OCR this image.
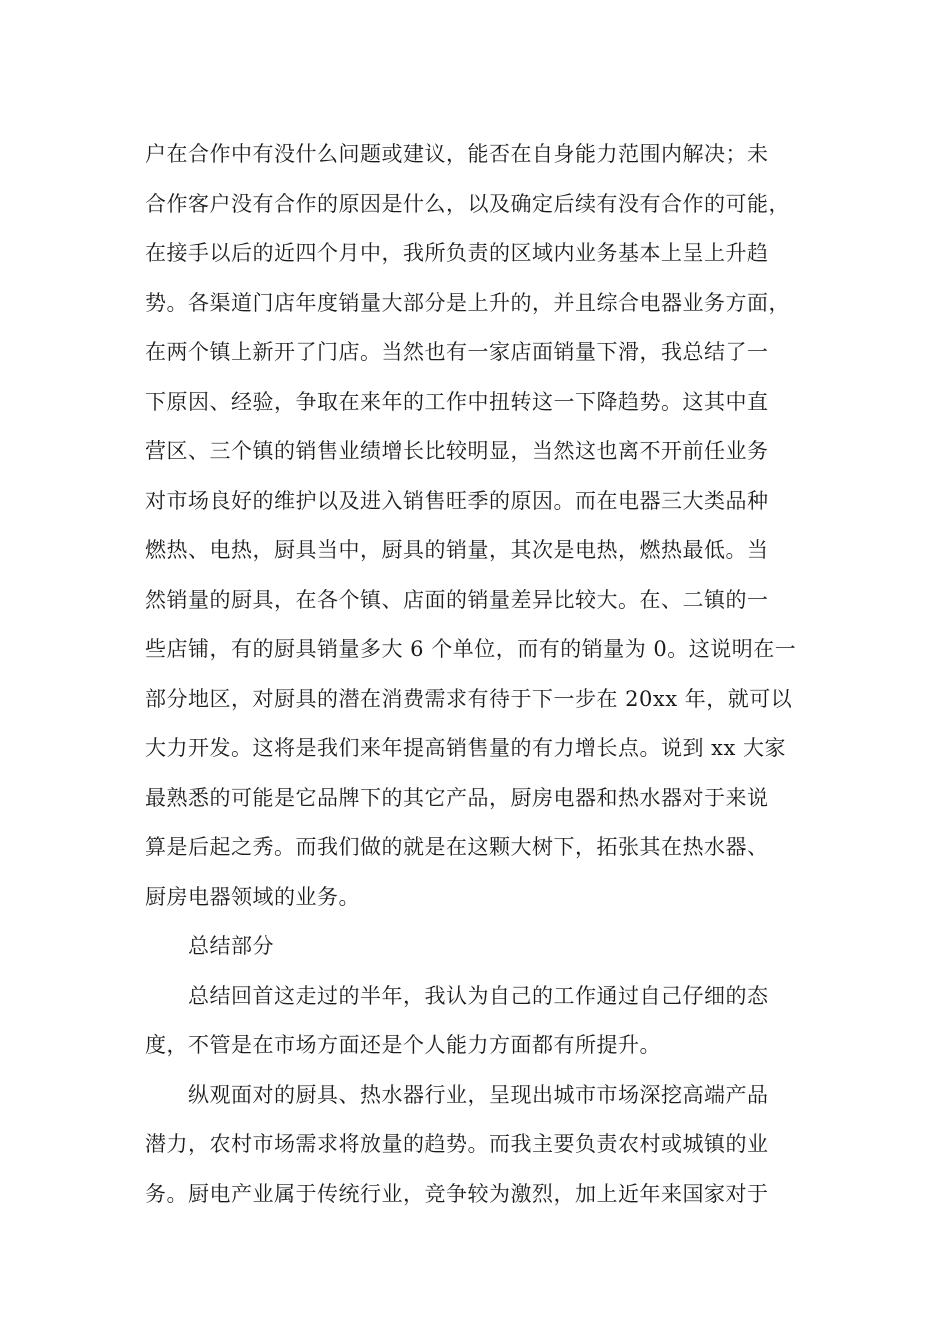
户在合作中有没什么问题或建议，能否在自身能力范围内解决；未
合作客户没有合作的原因是什么，以及确定后续有没有合作的可能，
在接手以后的近四个月中，我所负责的区域内业务基本上呈上升趋
势。各渠道门店年度销量大部分是上升的，并且综合电器业务方面，
在两个镇上新开了门店。当然也有一家店面销量下滑，我总结了一
下原因、经验，争取在来年的工作中扭转这一下降趋势。这其中直
营区、三个镇的销售业绩增长比较明显，当然这也离不开前任业务
对市场良好的维护以及进入销售旺季的原因。而在电器三大类品种
燃热、电热，厨具当中，厨具的销量，其次是电热，燃热最低。当
然销量的厨具，在各个镇、店面的销量差异比较大。在、二镇的一
些店铺，有的厨具销量多大 6 个单位，而有的销量为 0。这说明在一
部分地区，对厨具的潜在消费需求有待于下一步在 20xx 年，就可以
大力开发。这将是我们来年提高销售量的有力增长点。说到 xx 大家
最熟悉的可能是它品牌下的其它产品，厨房电器和热水器对于来说
算是后起之秀。而我们做的就是在这颗大树下，拓张其在热水器、
厨房电器领域的业务。
总结部分
总结回首这走过的半年，我认为自己的工作通过自己仔细的态
度，不管是在市场方面还是个人能力方面都有所提升。
纵观面对的厨具、热水器行业，呈现出城市市场深挖高端产品
潜力，农村市场需求将放量的趋势。而我主要负责农村或城镇的业
务。厨电产业属于传统行业，竞争较为激烈，加上近年来国家对于
